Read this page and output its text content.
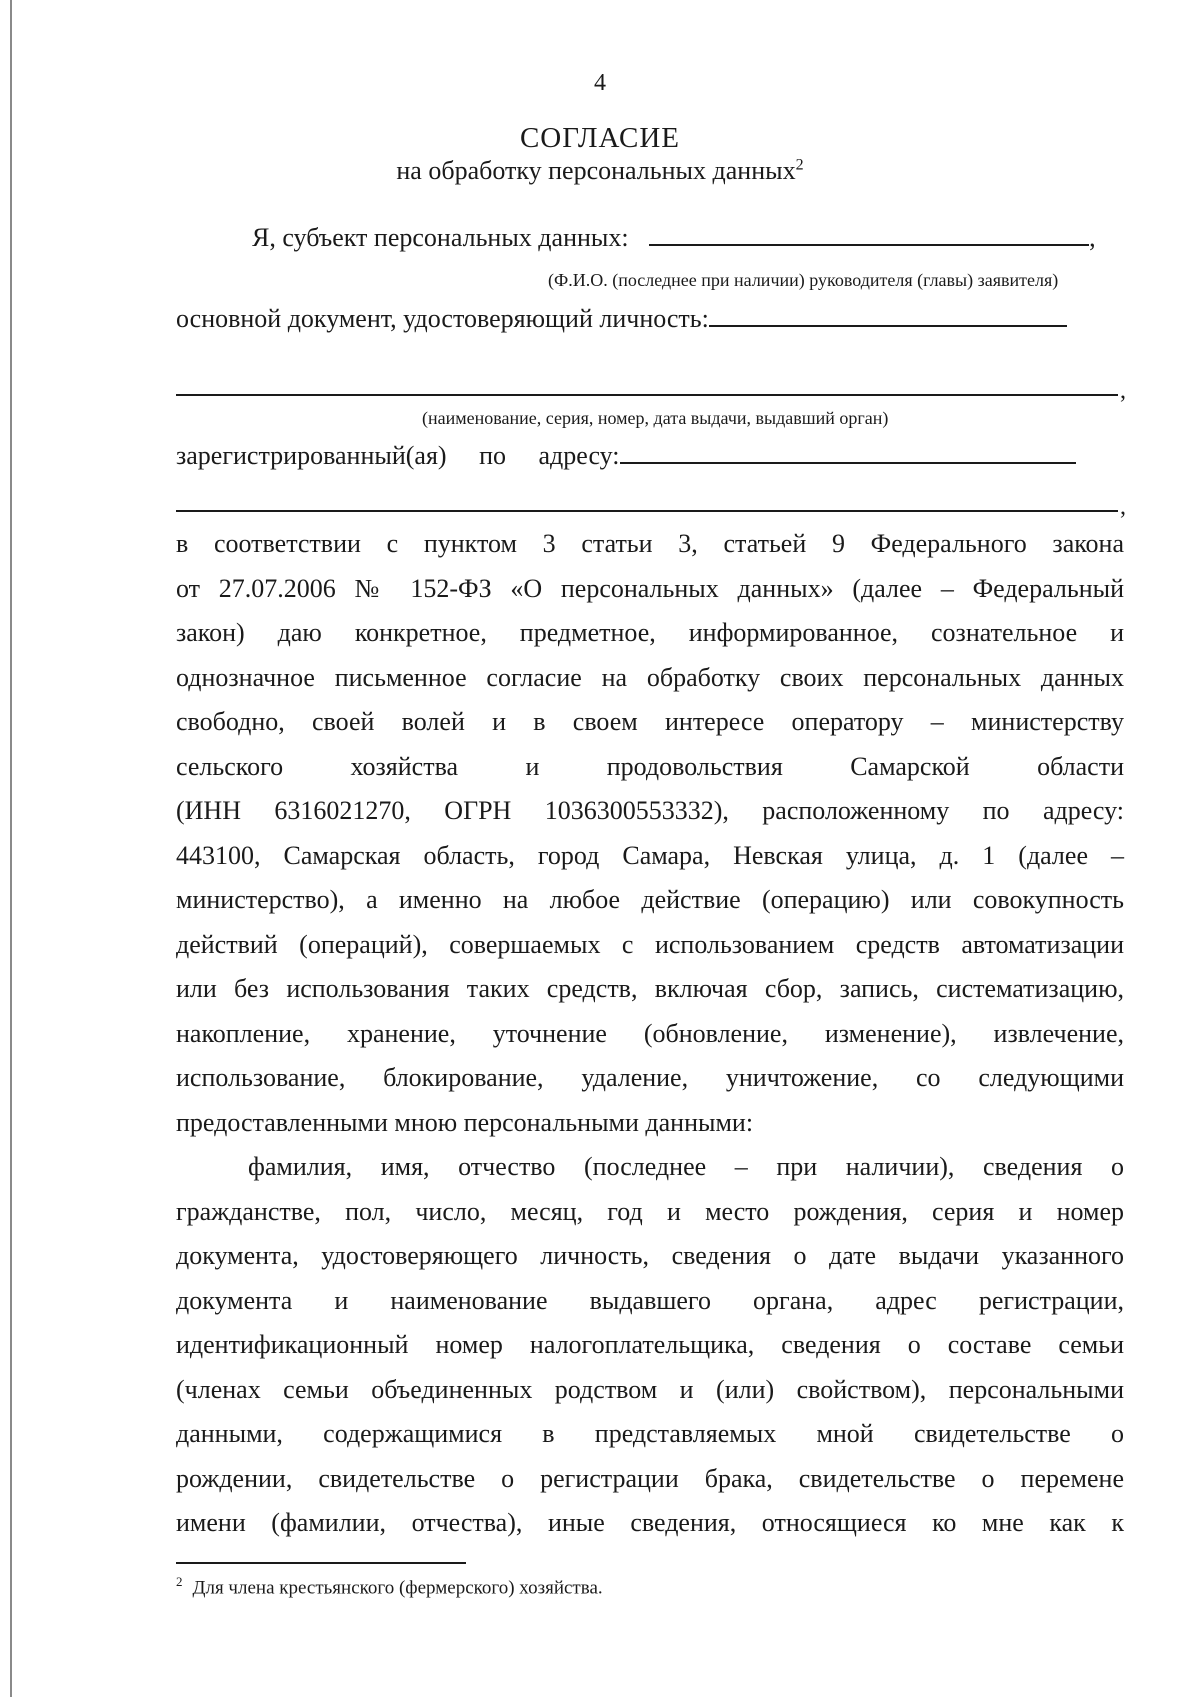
4
СОГЛАСИЕ
на обработку персональных данных$^2$
Я, субъект персональных данных:	,
(Ф.И.О. (последнее при наличии) руководителя (главы) заявителя)
основной документ, удостоверяющий личность:
,
(наименование, серия, номер, дата выдачи, выдавший орган)
зарегистрированный(ая) по адресу:
,

в соответствии с пунктом 3 статьи 3, статьей 9 Федерального закона

от 27.07.2006 № 152-ФЗ «О персональных данных» (далее – Федеральный

закон) даю конкретное, предметное, информированное, сознательное и

однозначное письменное согласие на обработку своих персональных данных

свободно, своей волей и в своем интересе оператору – министерству

сельского хозяйства и продовольствия Самарской области

(ИНН 6316021270, ОГРН 1036300553332), расположенному по адресу:

443100, Самарская область, город Самара, Невская улица, д. 1 (далее –

министерство), а именно на любое действие (операцию) или совокупность

действий (операций), совершаемых с использованием средств автоматизации

или без использования таких средств, включая сбор, запись, систематизацию,

накопление, хранение, уточнение (обновление, изменение), извлечение,

использование, блокирование, удаление, уничтожение, со следующими

предоставленными мною персональными данными:

фамилия, имя, отчество (последнее – при наличии), сведения о

гражданстве, пол, число, месяц, год и место рождения, серия и номер

документа, удостоверяющего личность, сведения о дате выдачи указанного

документа и наименование выдавшего органа, адрес регистрации,

идентификационный номер налогоплательщика, сведения о составе семьи

(членах семьи объединенных родством и (или) свойством), персональными

данными, содержащимися в представляемых мной свидетельстве о

рождении, свидетельстве о регистрации брака, свидетельстве о перемене

имени (фамилии, отчества), иные сведения, относящиеся ко мне как к

$^2$ Для члена крестьянского (фермерского) хозяйства.
